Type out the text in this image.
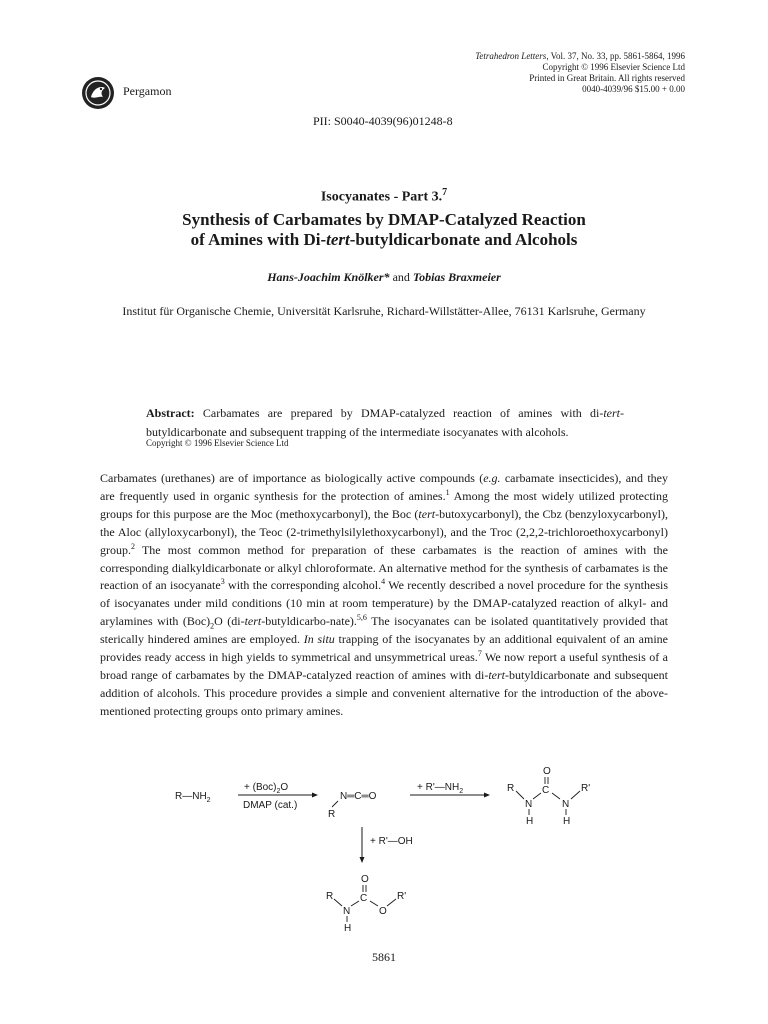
Pergamon
Tetrahedron Letters, Vol. 37, No. 33, pp. 5861-5864, 1996
Copyright © 1996 Elsevier Science Ltd
Printed in Great Britain. All rights reserved
0040-4039/96 $15.00 + 0.00
PII: S0040-4039(96)01248-8
Isocyanates - Part 3.$^7$
Synthesis of Carbamates by DMAP-Catalyzed Reaction
of Amines with Di-tert-butyldicarbonate and Alcohols
Hans-Joachim Knölker* and Tobias Braxmeier
Institut für Organische Chemie, Universität Karlsruhe, Richard-Willstätter-Allee, 76131 Karlsruhe, Germany
Abstract: Carbamates are prepared by DMAP-catalyzed reaction of amines with di-tert-butyldicarbonate and subsequent trapping of the intermediate isocyanates with alcohols.
Copyright © 1996 Elsevier Science Ltd
Carbamates (urethanes) are of importance as biologically active compounds (e.g. carbamate insecticides), and they are frequently used in organic synthesis for the protection of amines.$^1$ Among the most widely utilized protecting groups for this purpose are the Moc (methoxycarbonyl), the Boc (tert-butoxycarbonyl), the Cbz (benzyloxycarbonyl), the Aloc (allyloxycarbonyl), the Teoc (2-trimethylsilylethoxycarbonyl), and the Troc (2,2,2-trichloroethoxycarbonyl) group.$^2$ The most common method for preparation of these carbamates is the reaction of amines with the corresponding dialkyldicarbonate or alkyl chloroformate. An alternative method for the synthesis of carbamates is the reaction of an isocyanate$^3$ with the corresponding alcohol.$^4$ We recently described a novel procedure for the synthesis of isocyanates under mild conditions (10 min at room temperature) by the DMAP-catalyzed reaction of alkyl- and arylamines with $(Boc)_2O$ (di-tert-butyldicarbo-nate).$^{5,6}$ The isocyanates can be isolated quantitatively provided that sterically hindered amines are employed. In situ trapping of the isocyanates by an additional equivalent of an amine provides ready access in high yields to symmetrical and unsymmetrical ureas.$^7$ We now report a useful synthesis of a broad range of carbamates by the DMAP-catalyzed reaction of amines with di-tert-butyldicarbonate and subsequent addition of alcohols. This procedure provides a simple and convenient alternative for the introduction of the above-mentioned protecting groups onto primary amines.
$R—NH_2$
+ $(Boc)_2O$
DMAP (cat.)
N═C═O
R
+ $R'—NH_2$
O
C
R
N	N
R'
H	H
+ R'—OH
O
C
R
N	O
R'
H
5861
